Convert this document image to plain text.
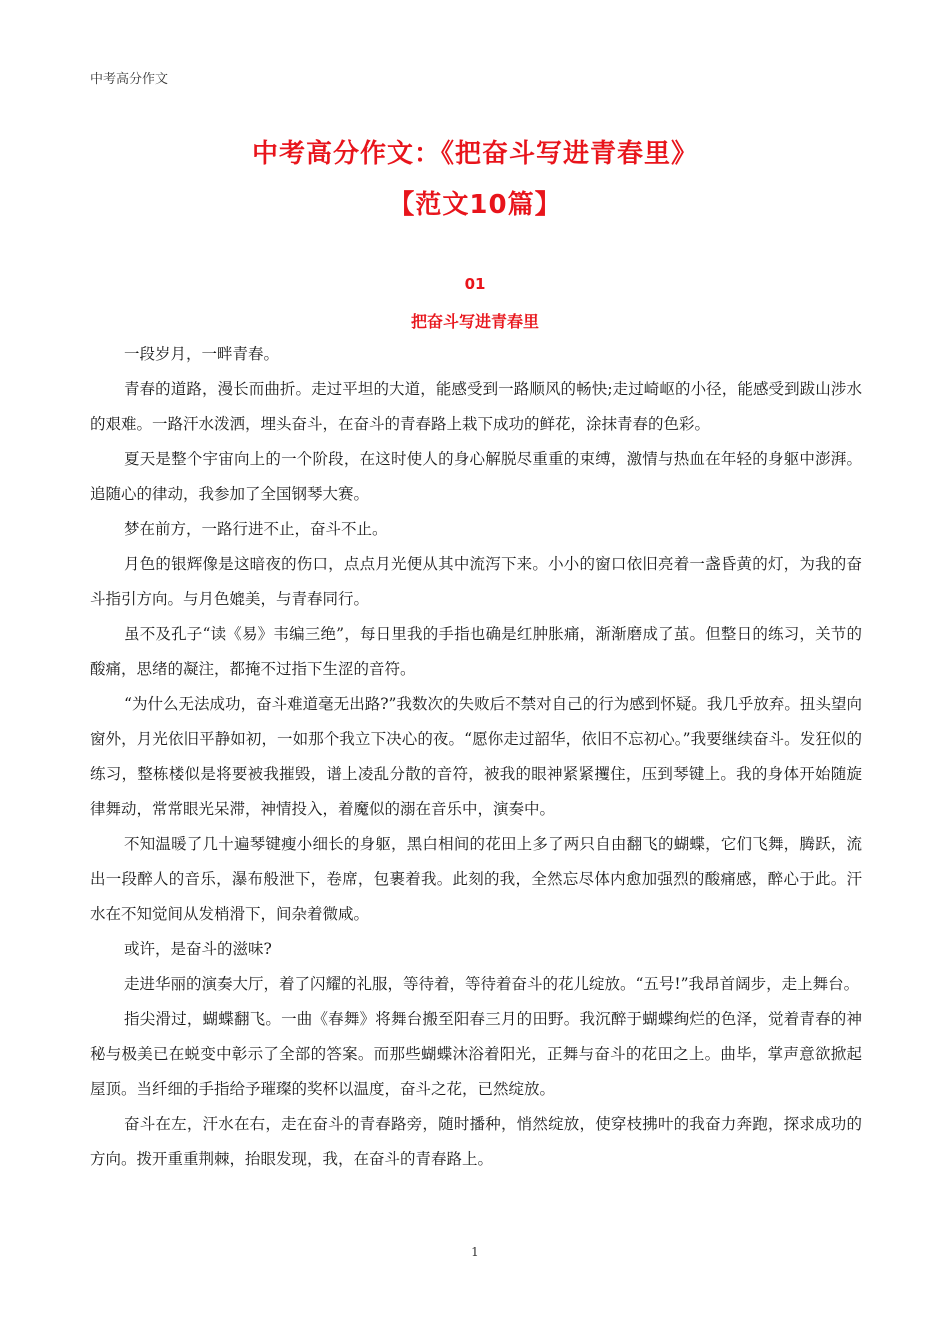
中考高分作文
中考高分作文：《把奋斗写进青春里》
【范文10篇】
01
把奋斗写进青春里

一段岁月，一畔青春。

青春的道路，漫长而曲折。走过平坦的大道，能感受到一路顺风的畅快;走过崎岖的小径，能感受到跋山涉水的艰难。一路汗水泼洒，埋头奋斗，在奋斗的青春路上栽下成功的鲜花，涂抹青春的色彩。

夏天是整个宇宙向上的一个阶段，在这时使人的身心解脱尽重重的束缚，激情与热血在年轻的身躯中澎湃。追随心的律动，我参加了全国钢琴大赛。

梦在前方，一路行进不止，奋斗不止。

月色的银辉像是这暗夜的伤口，点点月光便从其中流泻下来。小小的窗口依旧亮着一盏昏黄的灯，为我的奋斗指引方向。与月色媲美，与青春同行。

虽不及孔子“读《易》韦编三绝”，每日里我的手指也确是红肿胀痛，渐渐磨成了茧。但整日的练习，关节的酸痛，思绪的凝注，都掩不过指下生涩的音符。

“为什么无法成功，奋斗难道毫无出路?”我数次的失败后不禁对自己的行为感到怀疑。我几乎放弃。扭头望向窗外，月光依旧平静如初，一如那个我立下决心的夜。“愿你走过韶华，依旧不忘初心。”我要继续奋斗。发狂似的练习，整栋楼似是将要被我摧毁，谱上凌乱分散的音符，被我的眼神紧紧攫住，压到琴键上。我的身体开始随旋律舞动，常常眼光呆滞，神情投入，着魔似的溺在音乐中，演奏中。

不知温暖了几十遍琴键瘦小细长的身躯，黑白相间的花田上多了两只自由翻飞的蝴蝶，它们飞舞，腾跃，流出一段醉人的音乐，瀑布般泄下，卷席，包裹着我。此刻的我，全然忘尽体内愈加强烈的酸痛感，醉心于此。汗水在不知觉间从发梢滑下，间杂着微咸。

或许，是奋斗的滋味?

走进华丽的演奏大厅，着了闪耀的礼服，等待着，等待着奋斗的花儿绽放。“五号!”我昂首阔步，走上舞台。

指尖滑过，蝴蝶翻飞。一曲《春舞》将舞台搬至阳春三月的田野。我沉醉于蝴蝶绚烂的色泽，觉着青春的神秘与极美已在蜕变中彰示了全部的答案。而那些蝴蝶沐浴着阳光，正舞与奋斗的花田之上。曲毕，掌声意欲掀起屋顶。当纤细的手指给予璀璨的奖杯以温度，奋斗之花，已然绽放。

奋斗在左，汗水在右，走在奋斗的青春路旁，随时播种，悄然绽放，使穿枝拂叶的我奋力奔跑，探求成功的方向。拨开重重荆棘，抬眼发现，我，在奋斗的青春路上。

1
